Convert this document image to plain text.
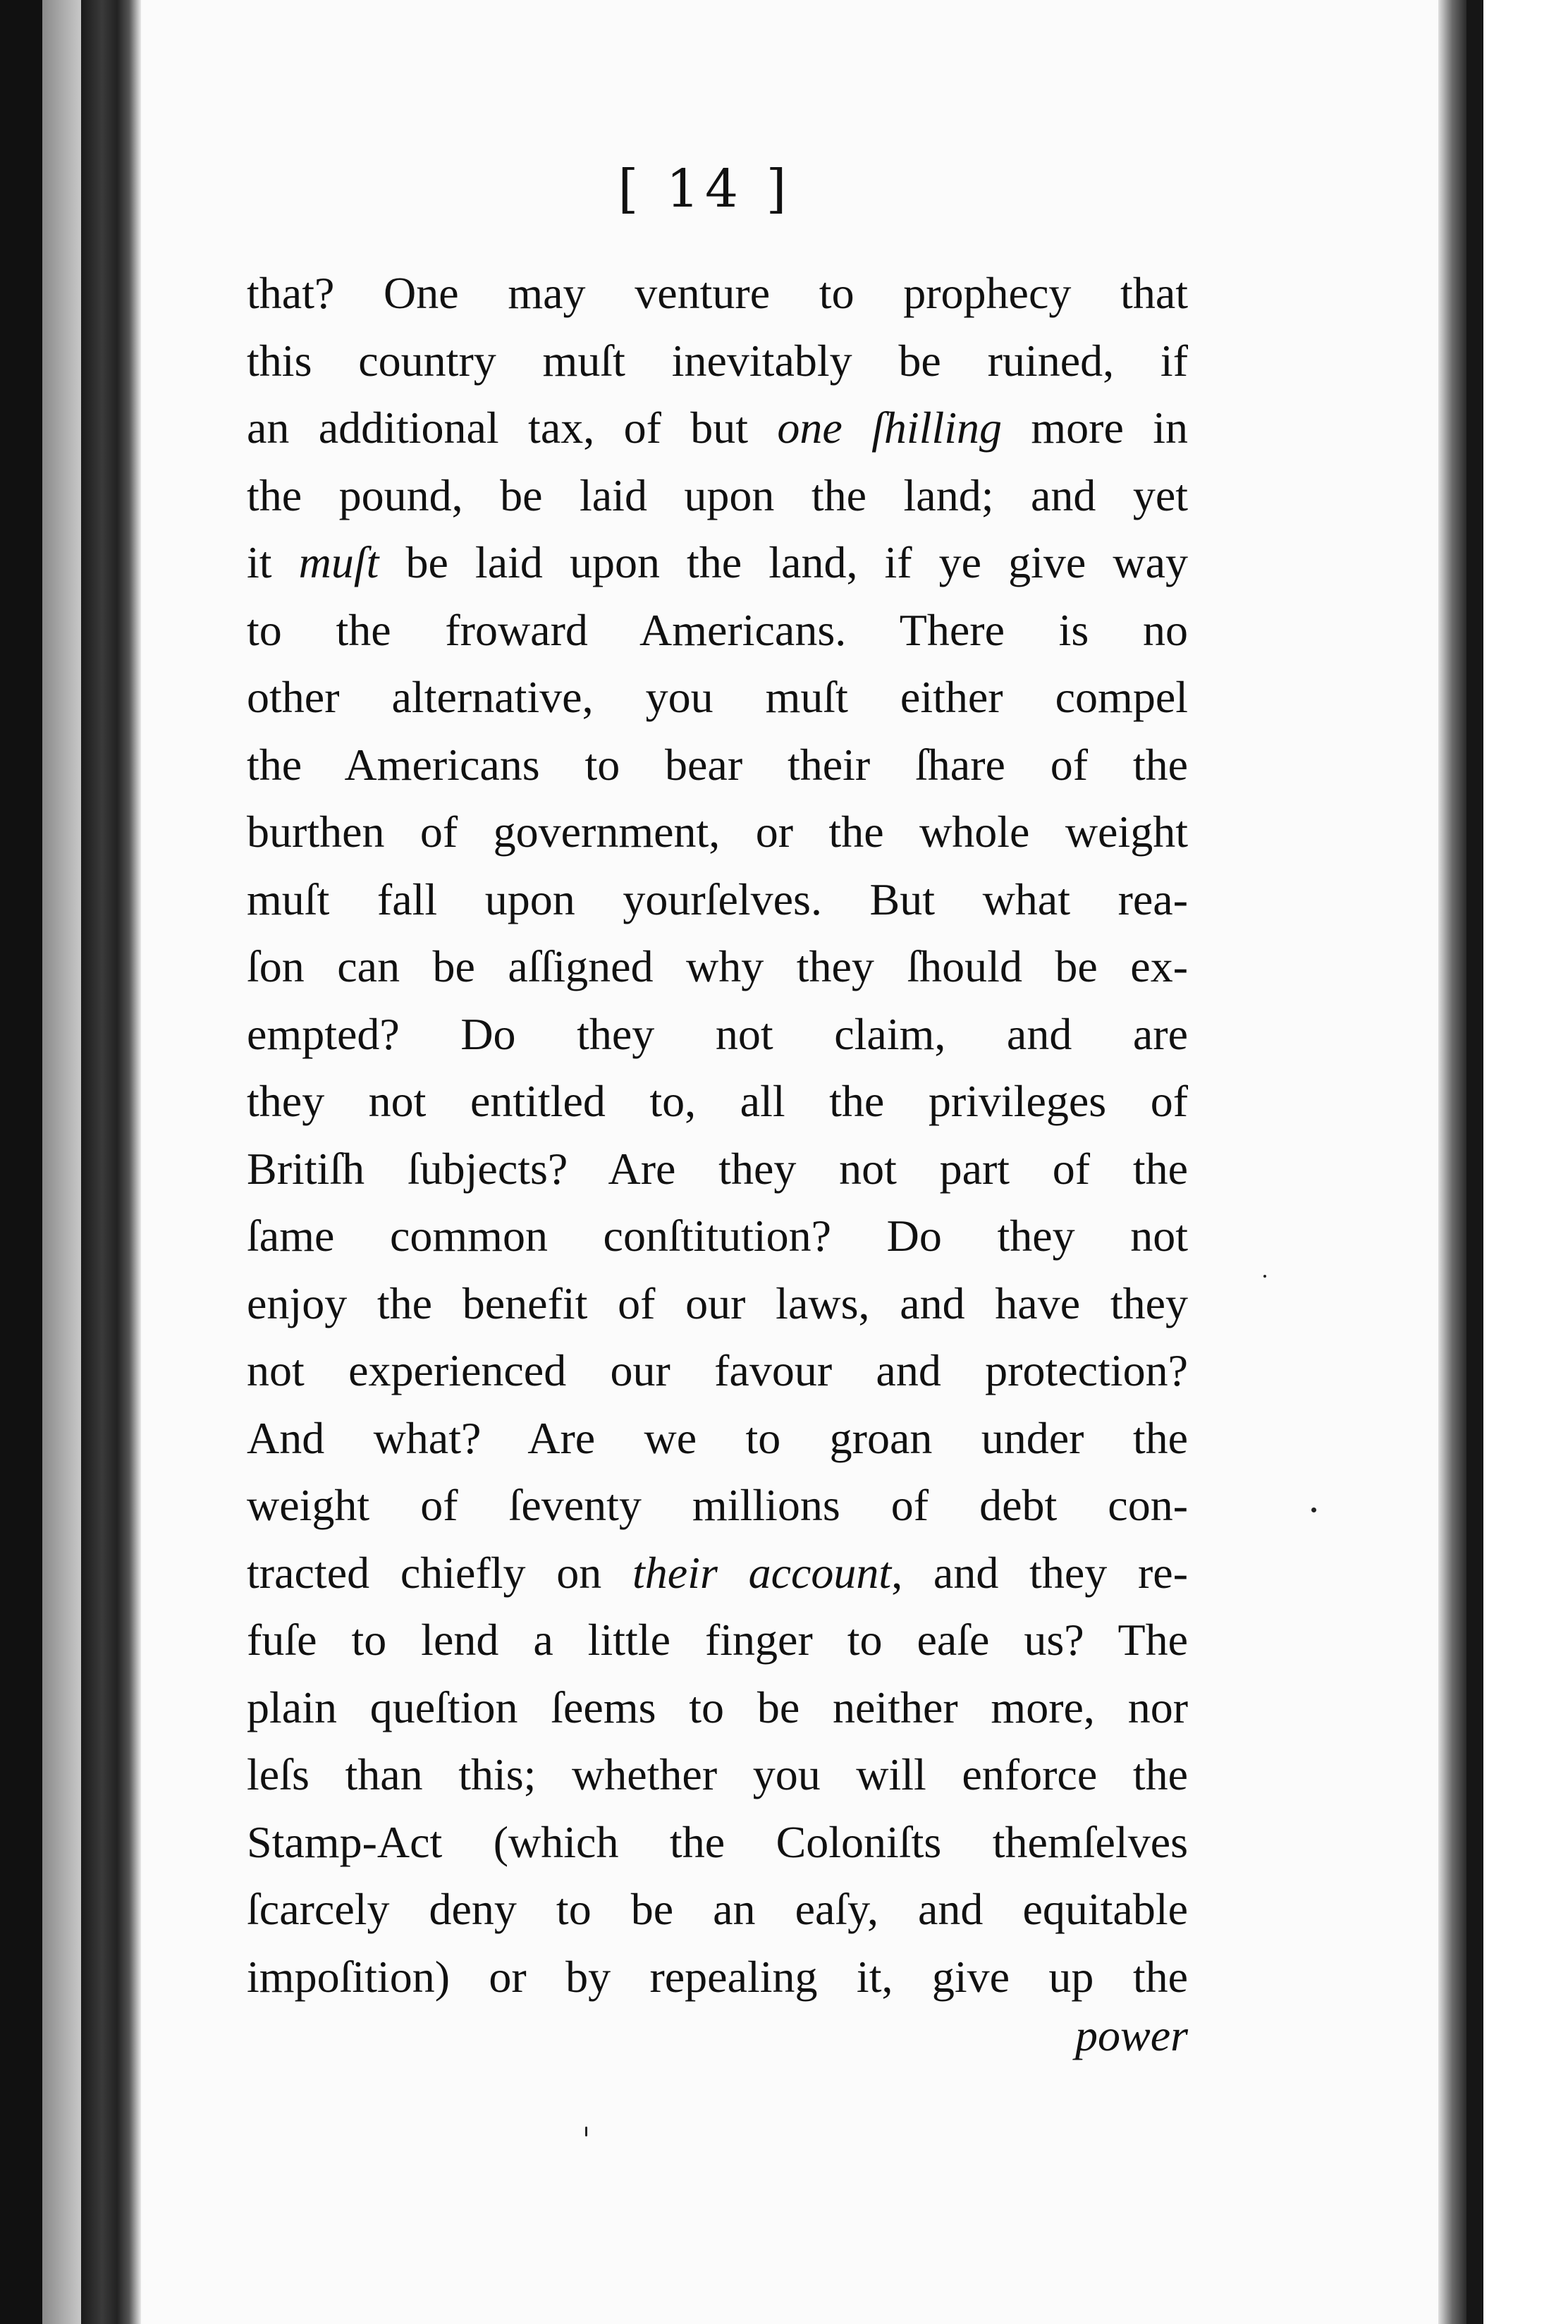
[ 14 ]
that? One may venture to prophecy that
this country muſt inevitably be ruined, if
an additional tax, of but one ſhilling more in
the pound, be laid upon the land; and yet
it muſt be laid upon the land, if ye give way
to the froward Americans. There is no
other alternative, you muſt either compel
the Americans to bear their ſhare of the
burthen of government, or the whole weight
muſt fall upon yourſelves. But what rea-
ſon can be aſſigned why they ſhould be ex-
empted? Do they not claim, and are
they not entitled to, all the privileges of
Britiſh ſubjects? Are they not part of the
ſame common conſtitution? Do they not
enjoy the benefit of our laws, and have they
not experienced our favour and protection?
And what? Are we to groan under the
weight of ſeventy millions of debt con-
tracted chiefly on their account, and they re-
fuſe to lend a little finger to eaſe us? The
plain queſtion ſeems to be neither more, nor
leſs than this; whether you will enforce the
Stamp-Act (which the Coloniſts themſelves
ſcarcely deny to be an eaſy, and equitable
impoſition) or by repealing it, give up the
power
